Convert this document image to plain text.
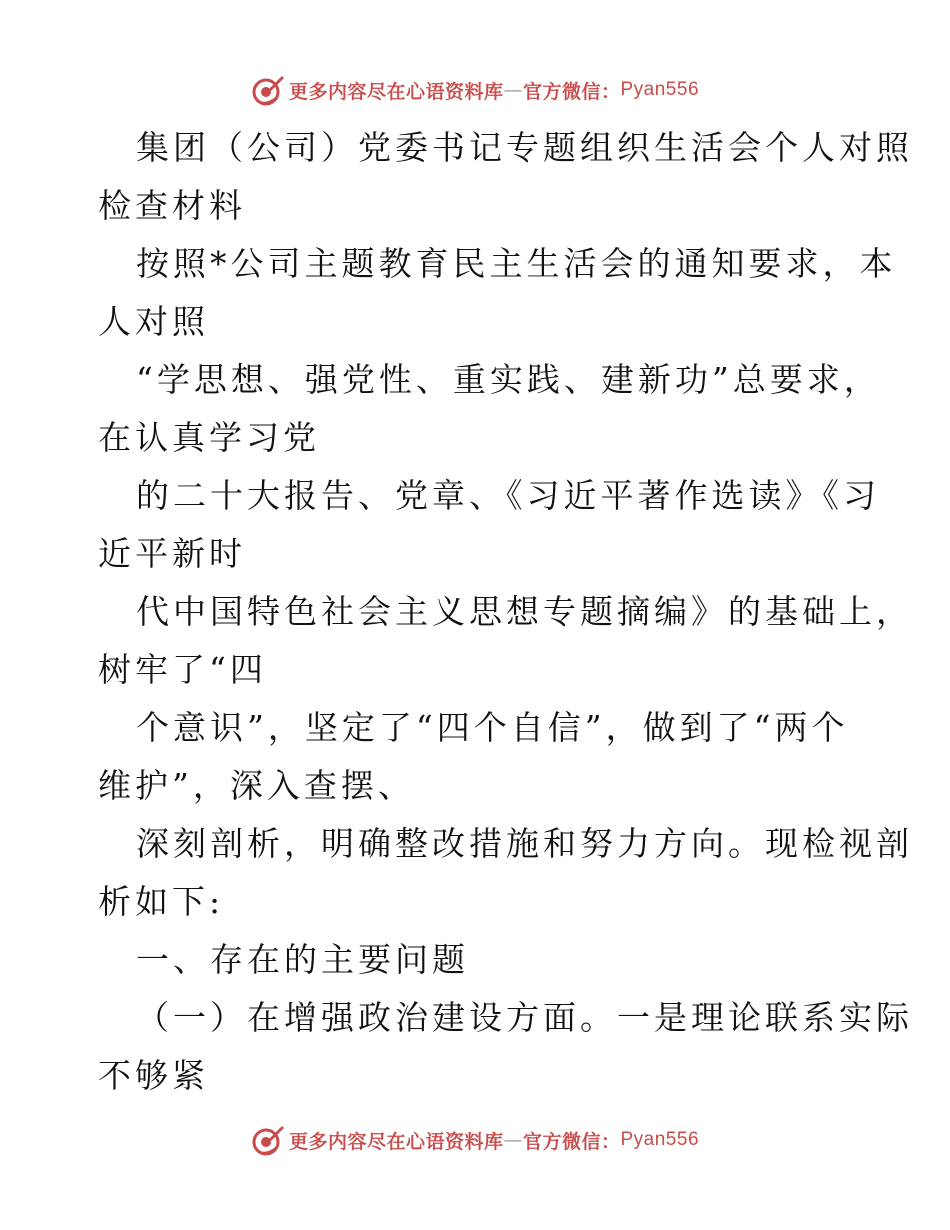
更多内容尽在心语资料库 — 官方微信： Pyan556
集团（公司）党委书记专题组织生活会个人对照
检查材料
按照*公司主题教育民主生活会的通知要求，本
人对照
“学思想、强党性、重实践、建新功”总要求，
在认真学习党
的二十大报告、党章、《习近平著作选读》《习
近平新时
代中国特色社会主义思想专题摘编》的基础上，
树牢了“四
个意识”，坚定了“四个自信”，做到了“两个
维护”，深入查摆、
深刻剖析，明确整改措施和努力方向。现检视剖
析如下:
一、存在的主要问题
（一）在增强政治建设方面。一是理论联系实际
不够紧
更多内容尽在心语资料库 — 官方微信： Pyan556
